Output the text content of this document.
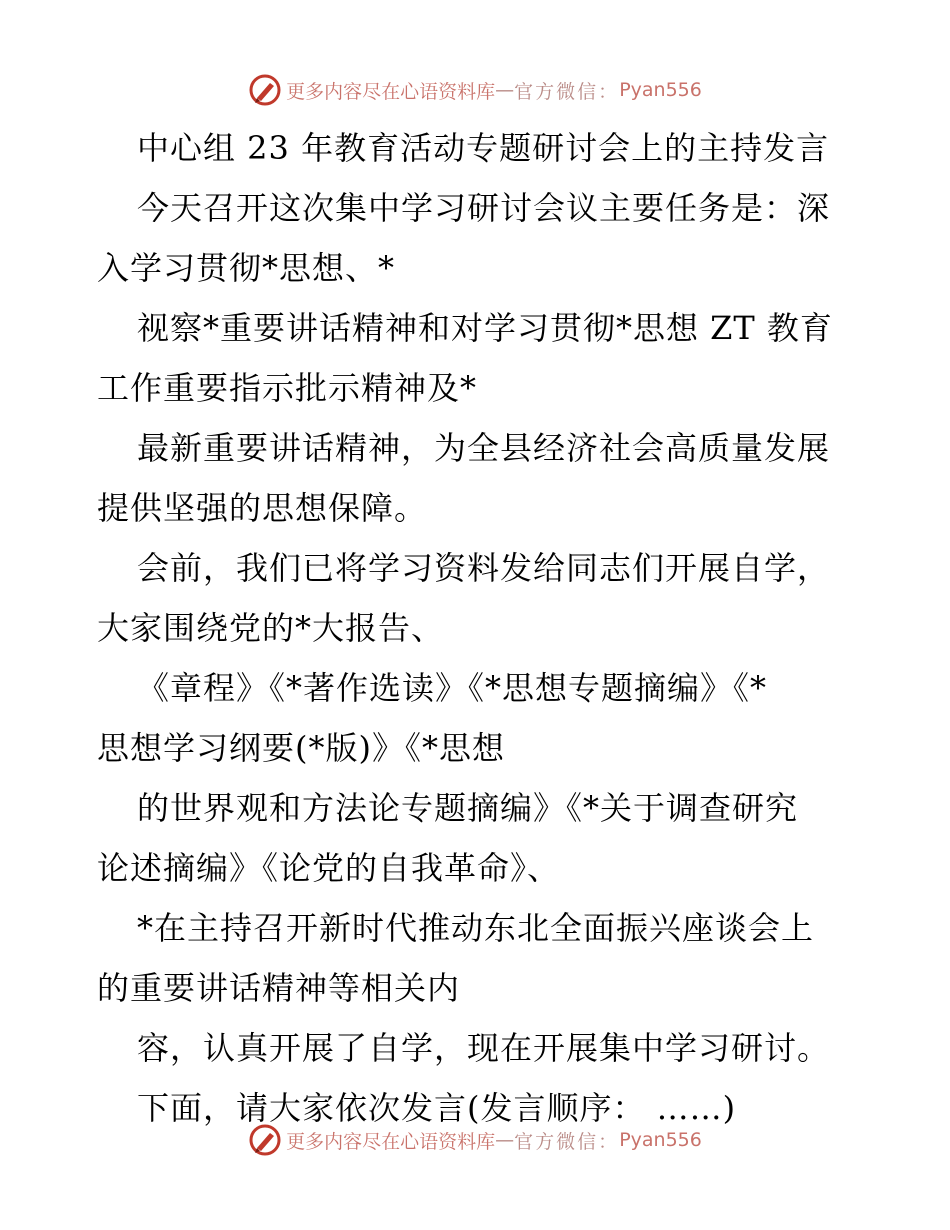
更多内容尽在心语资料库 — 官方微信： Pyan556
中心组 23 年教育活动专题研讨会上的主持发言
今天召开这次集中学习研讨会议主要任务是：深
入学习贯彻*思想、*
视察*重要讲话精神和对学习贯彻*思想 ZT 教育
工作重要指示批示精神及*
最新重要讲话精神，为全县经济社会高质量发展
提供坚强的思想保障。
会前，我们已将学习资料发给同志们开展自学，
大家围绕党的*大报告、
《章程》《*著作选读》《*思想专题摘编》《*
思想学习纲要(*版)》《*思想
的世界观和方法论专题摘编》《*关于调查研究
论述摘编》《论党的自我革命》、
*在主持召开新时代推动东北全面振兴座谈会上
的重要讲话精神等相关内
容，认真开展了自学，现在开展集中学习研讨。
下面，请大家依次发言(发言顺序： ……)
更多内容尽在心语资料库 — 官方微信： Pyan556
